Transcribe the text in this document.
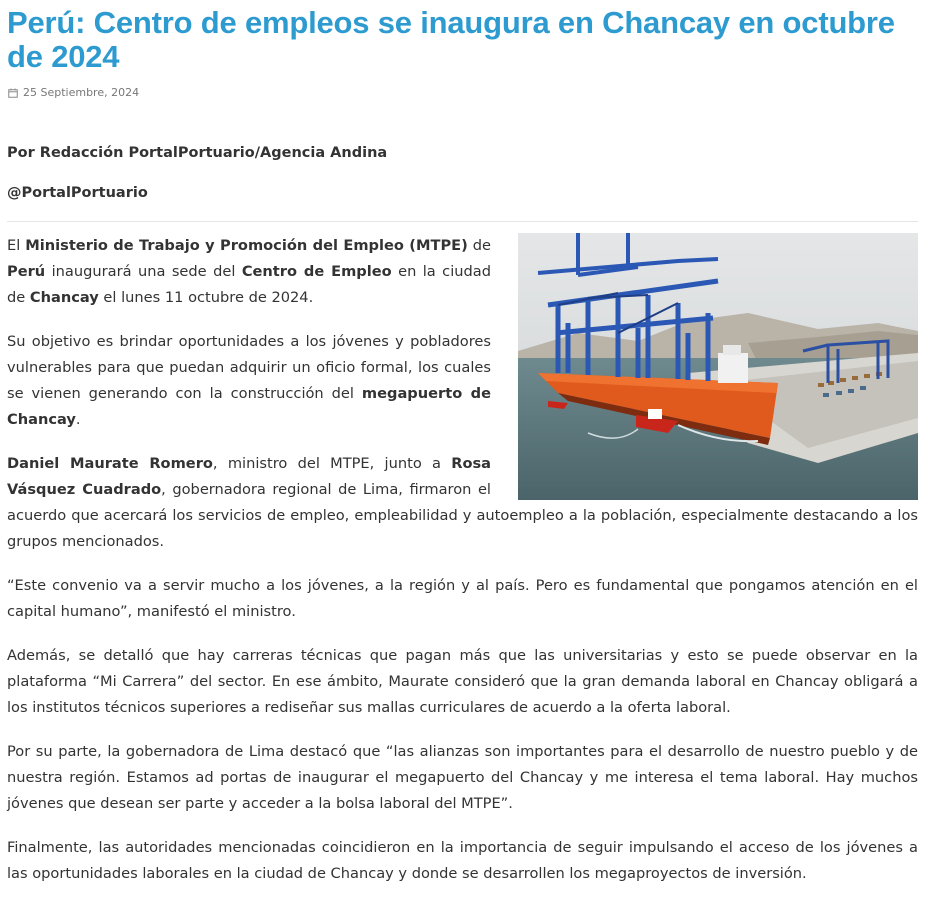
Perú: Centro de empleos se inaugura en Chancay en octubre de 2024
25 Septiembre, 2024
Por Redacción PortalPortuario/Agencia Andina
@PortalPortuario

El Ministerio de Trabajo y Promoción del Empleo (MTPE) de Perú inaugurará una sede del Centro de Empleo en la ciudad de Chancay el lunes 11 octubre de 2024.

Su objetivo es brindar oportunidades a los jóvenes y pobladores vulnerables para que puedan adquirir un oficio formal, los cuales se vienen generando con la construcción del megapuerto de Chancay.

Daniel Maurate Romero, ministro del MTPE, junto a Rosa Vásquez Cuadrado, gobernadora regional de Lima, firmaron el acuerdo que acercará los servicios de empleo, empleabilidad y autoempleo a la población, especialmente destacando a los grupos mencionados.

“Este convenio va a servir mucho a los jóvenes, a la región y al país. Pero es fundamental que pongamos atención en el capital humano”, manifestó el ministro.

Además, se detalló que hay carreras técnicas que pagan más que las universitarias y esto se puede observar en la plataforma “Mi Carrera” del sector. En ese ámbito, Maurate consideró que la gran demanda laboral en Chancay obligará a los institutos técnicos superiores a rediseñar sus mallas curriculares de acuerdo a la oferta laboral.

Por su parte, la gobernadora de Lima destacó que “las alianzas son importantes para el desarrollo de nuestro pueblo y de nuestra región. Estamos ad portas de inaugurar el megapuerto del Chancay y me interesa el tema laboral. Hay muchos jóvenes que desean ser parte y acceder a la bolsa laboral del MTPE”.

Finalmente, las autoridades mencionadas coincidieron en la importancia de seguir impulsando el acceso de los jóvenes a las oportunidades laborales en la ciudad de Chancay y donde se desarrollen los megaproyectos de inversión.
